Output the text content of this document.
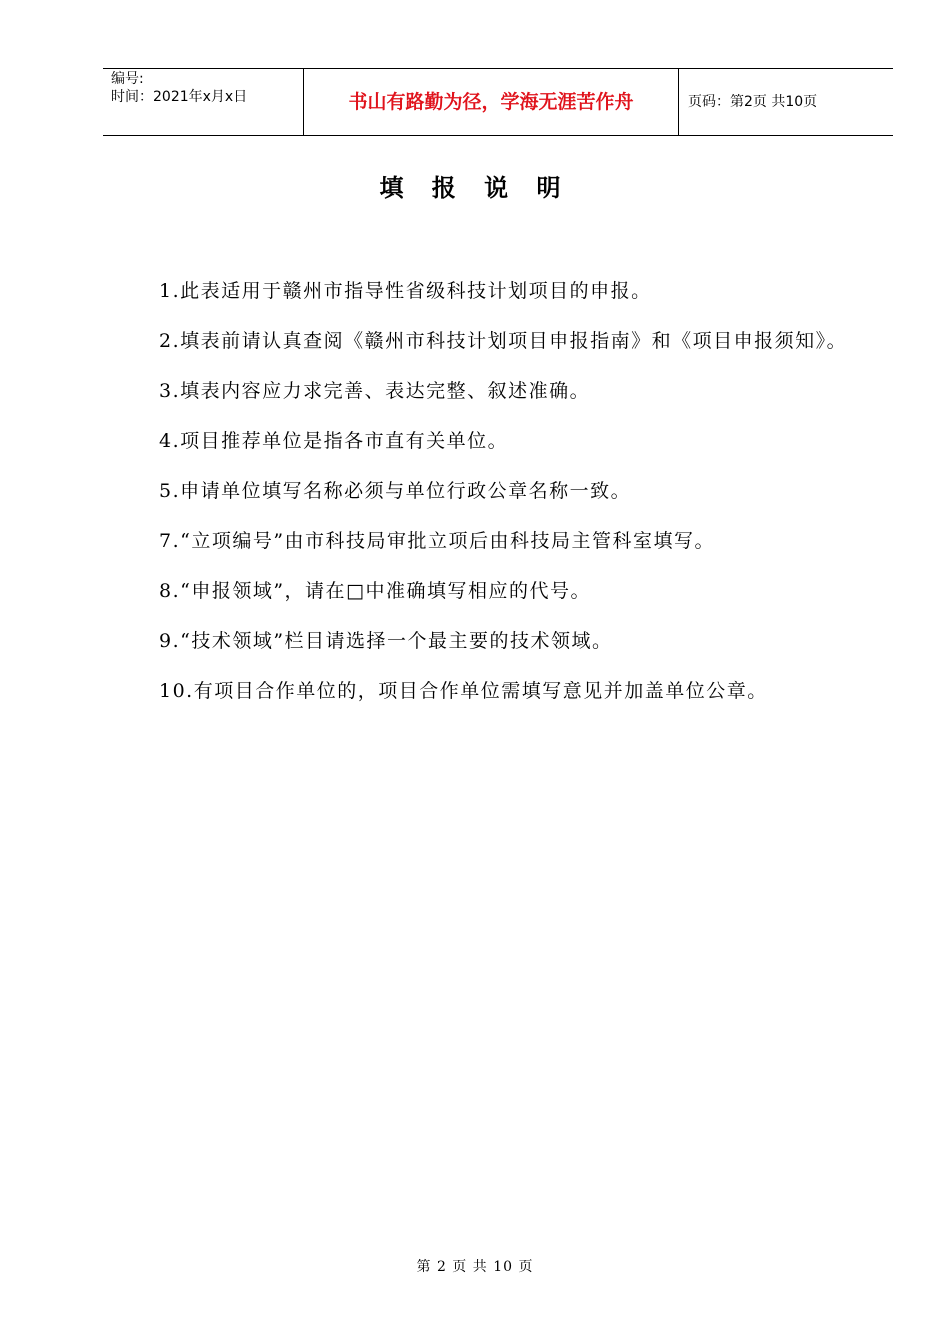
编号:
时间：2021年x月x日	书山有路勤为径，学海无涯苦作舟	页码：第2页 共10页
填 报 说 明

1.此表适用于赣州市指导性省级科技计划项目的申报。

2.填表前请认真查阅《赣州市科技计划项目申报指南》和《项目申报须知》。

3.填表内容应力求完善、表达完整、叙述准确。

4.项目推荐单位是指各市直有关单位。

5.申请单位填写名称必须与单位行政公章名称一致。

7.“立项编号”由市科技局审批立项后由科技局主管科室填写。

8.“申报领域”，请在□中准确填写相应的代号。

9.“技术领域”栏目请选择一个最主要的技术领域。

10.有项目合作单位的，项目合作单位需填写意见并加盖单位公章。

第 2 页 共 10 页
